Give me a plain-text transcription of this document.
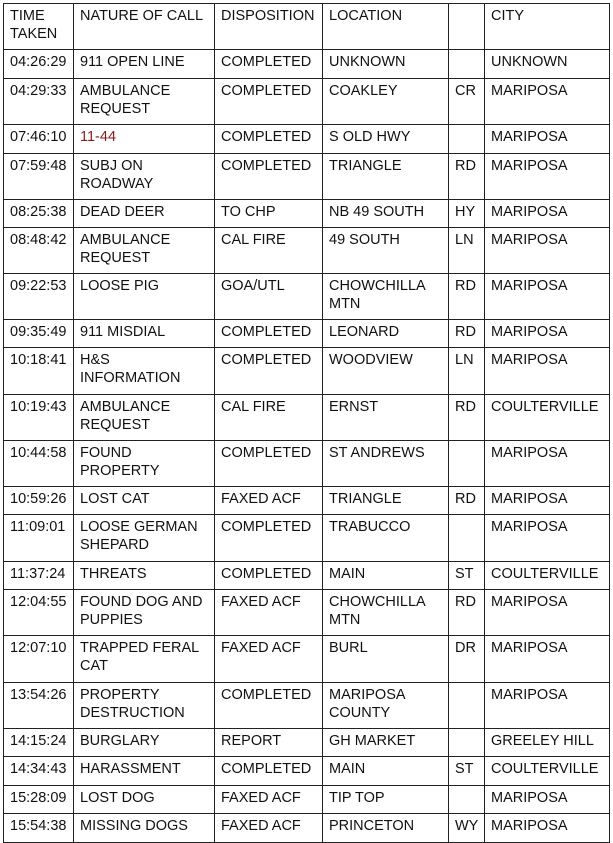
TIME TAKEN	NATURE OF CALL	DISPOSITION	LOCATION		CITY
04:26:29	911 OPEN LINE	COMPLETED	UNKNOWN		UNKNOWN
04:29:33	AMBULANCE REQUEST	COMPLETED	COAKLEY	CR	MARIPOSA
07:46:10	11-44	COMPLETED	S OLD HWY		MARIPOSA
07:59:48	SUBJ ON ROADWAY	COMPLETED	TRIANGLE	RD	MARIPOSA
08:25:38	DEAD DEER	TO CHP	NB 49 SOUTH	HY	MARIPOSA
08:48:42	AMBULANCE REQUEST	CAL FIRE	49 SOUTH	LN	MARIPOSA
09:22:53	LOOSE PIG	GOA/UTL	CHOWCHILLA MTN	RD	MARIPOSA
09:35:49	911 MISDIAL	COMPLETED	LEONARD	RD	MARIPOSA
10:18:41	H&S INFORMATION	COMPLETED	WOODVIEW	LN	MARIPOSA
10:19:43	AMBULANCE REQUEST	CAL FIRE	ERNST	RD	COULTERVILLE
10:44:58	FOUND PROPERTY	COMPLETED	ST ANDREWS		MARIPOSA
10:59:26	LOST CAT	FAXED ACF	TRIANGLE	RD	MARIPOSA
11:09:01	LOOSE GERMAN SHEPARD	COMPLETED	TRABUCCO		MARIPOSA
11:37:24	THREATS	COMPLETED	MAIN	ST	COULTERVILLE
12:04:55	FOUND DOG AND PUPPIES	FAXED ACF	CHOWCHILLA MTN	RD	MARIPOSA
12:07:10	TRAPPED FERAL CAT	FAXED ACF	BURL	DR	MARIPOSA
13:54:26	PROPERTY DESTRUCTION	COMPLETED	MARIPOSA COUNTY		MARIPOSA
14:15:24	BURGLARY	REPORT	GH MARKET		GREELEY HILL
14:34:43	HARASSMENT	COMPLETED	MAIN	ST	COULTERVILLE
15:28:09	LOST DOG	FAXED ACF	TIP TOP		MARIPOSA
15:54:38	MISSING DOGS	FAXED ACF	PRINCETON	WY	MARIPOSA
